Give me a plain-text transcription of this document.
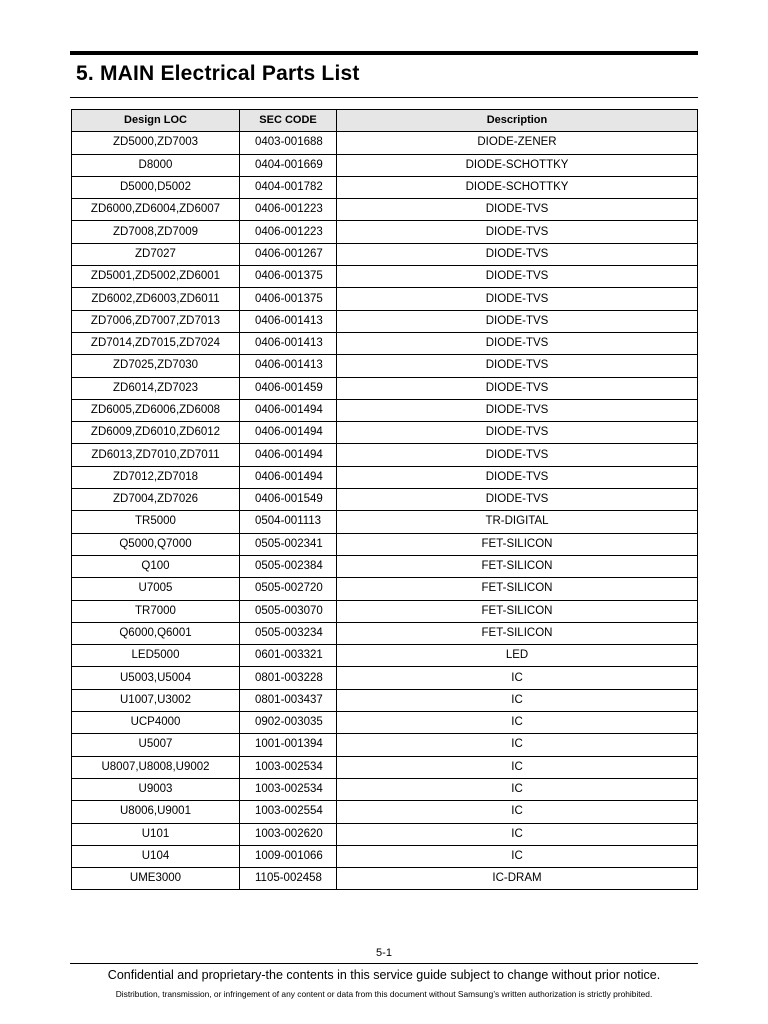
5. MAIN Electrical Parts List
Design LOC	SEC CODE	Description
ZD5000,ZD7003	0403-001688	DIODE-ZENER
D8000	0404-001669	DIODE-SCHOTTKY
D5000,D5002	0404-001782	DIODE-SCHOTTKY
ZD6000,ZD6004,ZD6007	0406-001223	DIODE-TVS
ZD7008,ZD7009	0406-001223	DIODE-TVS
ZD7027	0406-001267	DIODE-TVS
ZD5001,ZD5002,ZD6001	0406-001375	DIODE-TVS
ZD6002,ZD6003,ZD6011	0406-001375	DIODE-TVS
ZD7006,ZD7007,ZD7013	0406-001413	DIODE-TVS
ZD7014,ZD7015,ZD7024	0406-001413	DIODE-TVS
ZD7025,ZD7030	0406-001413	DIODE-TVS
ZD6014,ZD7023	0406-001459	DIODE-TVS
ZD6005,ZD6006,ZD6008	0406-001494	DIODE-TVS
ZD6009,ZD6010,ZD6012	0406-001494	DIODE-TVS
ZD6013,ZD7010,ZD7011	0406-001494	DIODE-TVS
ZD7012,ZD7018	0406-001494	DIODE-TVS
ZD7004,ZD7026	0406-001549	DIODE-TVS
TR5000	0504-001113	TR-DIGITAL
Q5000,Q7000	0505-002341	FET-SILICON
Q100	0505-002384	FET-SILICON
U7005	0505-002720	FET-SILICON
TR7000	0505-003070	FET-SILICON
Q6000,Q6001	0505-003234	FET-SILICON
LED5000	0601-003321	LED
U5003,U5004	0801-003228	IC
U1007,U3002	0801-003437	IC
UCP4000	0902-003035	IC
U5007	1001-001394	IC
U8007,U8008,U9002	1003-002534	IC
U9003	1003-002534	IC
U8006,U9001	1003-002554	IC
U101	1003-002620	IC
U104	1009-001066	IC
UME3000	1105-002458	IC-DRAM
5-1
Confidential and proprietary-the contents in this service guide subject to change without prior notice.
Distribution, transmission, or infringement of any content or data from this document without Samsung’s written authorization is strictly prohibited.
